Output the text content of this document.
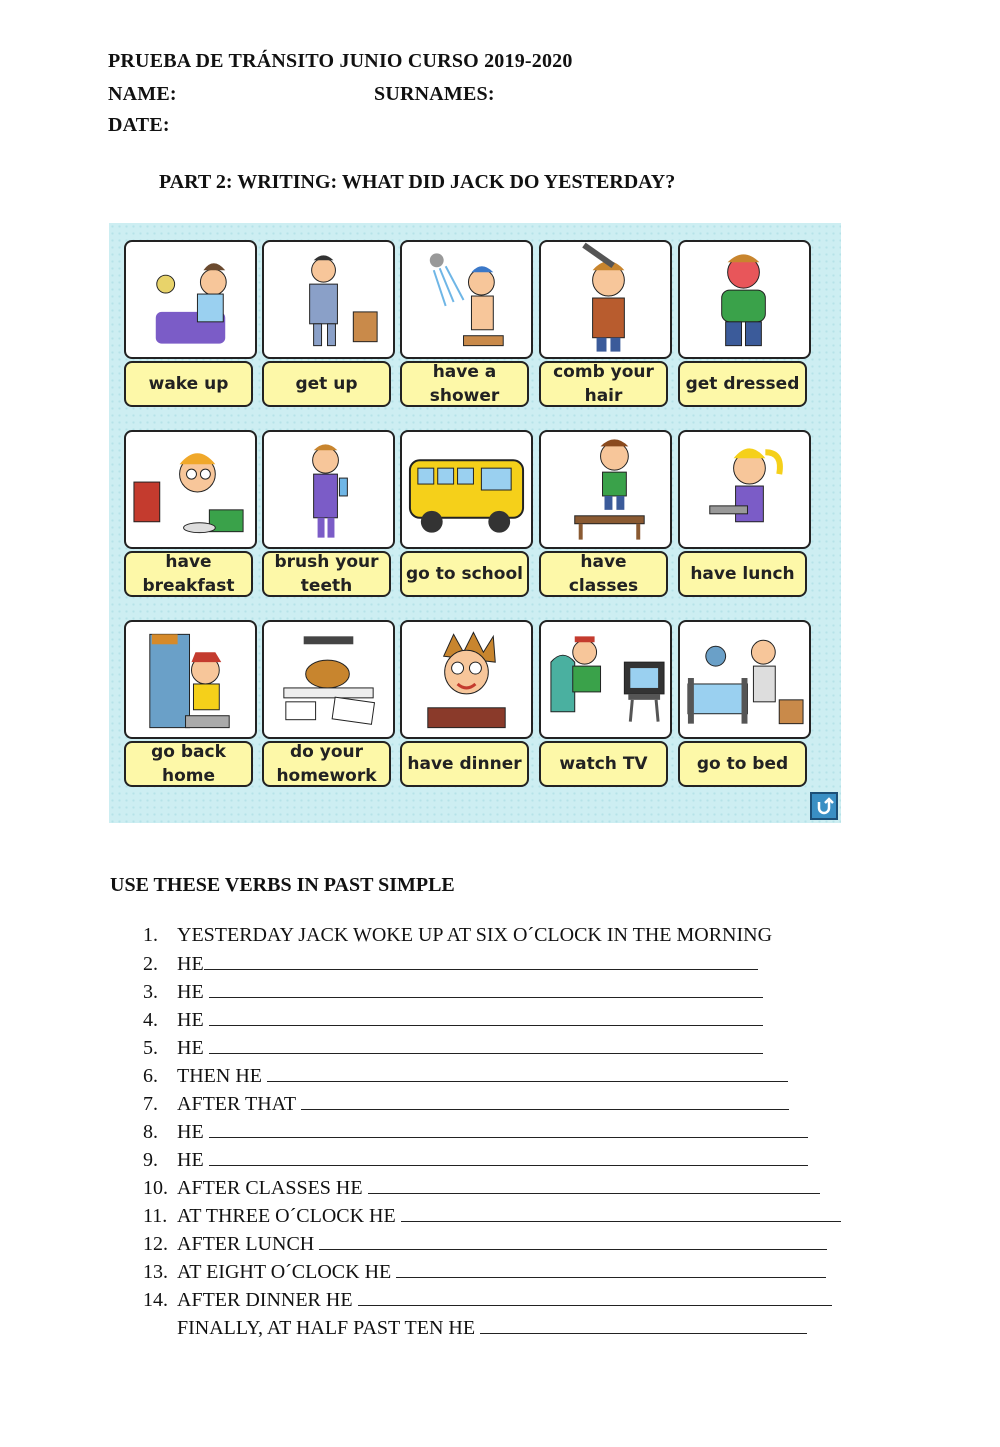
PRUEBA DE TRÁNSITO JUNIO CURSO 2019-2020
NAME:	SURNAMES:
DATE:
PART 2: WRITING: WHAT DID JACK DO YESTERDAY?
wake up	get up
have a shower
comb your hair
get dressed
have breakfast
brush your teeth
go to school
have classes
have lunch
go back home
do your homework
have dinner	watch TV	go to bed
USE THESE VERBS IN PAST SIMPLE
1. YESTERDAY JACK WOKE UP AT SIX O´CLOCK IN THE MORNING
2. HE
3. HE
4. HE
5. HE
6. THEN HE
7. AFTER THAT
8. HE
9. HE
10. AFTER CLASSES HE
11. AT THREE O´CLOCK HE
12. AFTER LUNCH
13. AT EIGHT O´CLOCK HE
14. AFTER DINNER HE
FINALLY, AT HALF PAST TEN HE
